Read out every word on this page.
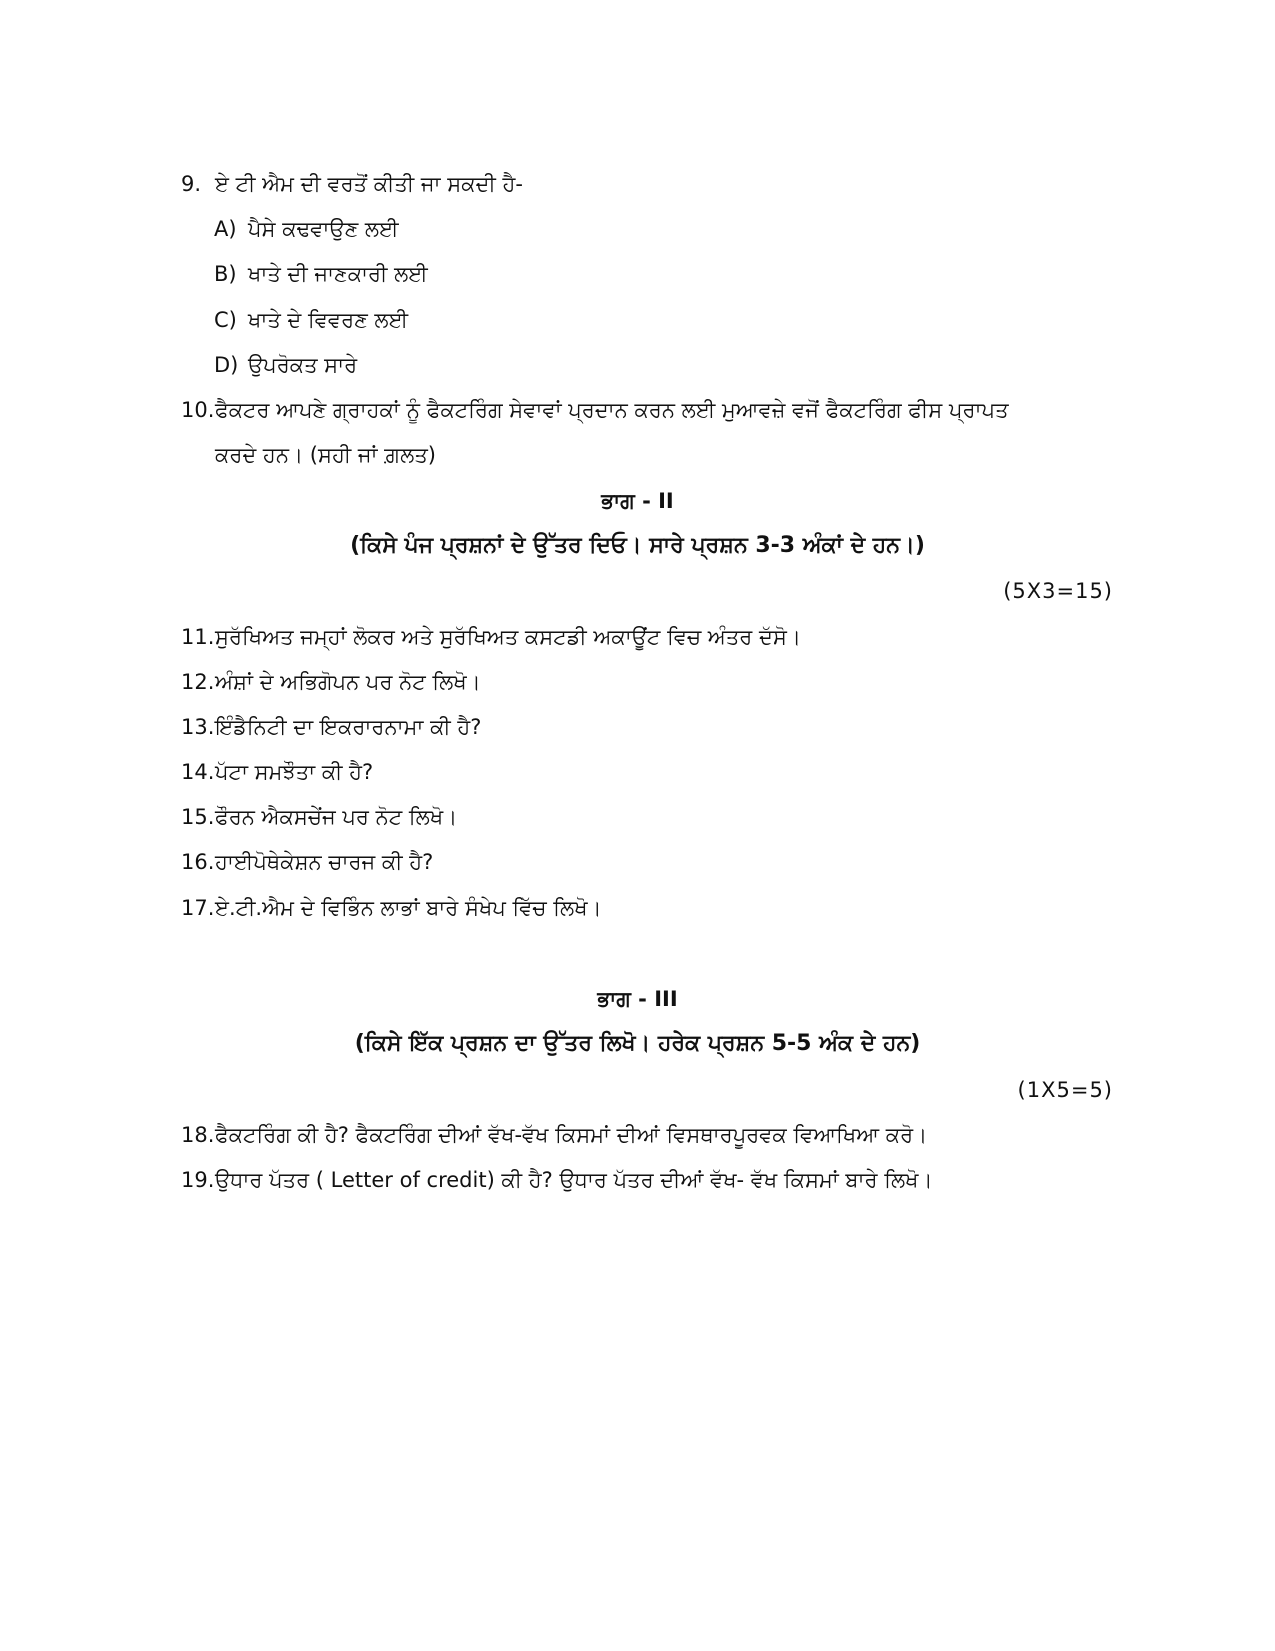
9. ਏ ਟੀ ਐਮ ਦੀ ਵਰਤੋਂ ਕੀਤੀ ਜਾ ਸਕਦੀ ਹੈ-
A) ਪੈਸੇ ਕਢਵਾਉਣ ਲਈ
B) ਖਾਤੇ ਦੀ ਜਾਣਕਾਰੀ ਲਈ
C) ਖਾਤੇ ਦੇ ਵਿਵਰਣ ਲਈ
D) ਉਪਰੋਕਤ ਸਾਰੇ
10.ਫੈਕਟਰ ਆਪਣੇ ਗ੍ਰਾਹਕਾਂ ਨੂੰ ਫੈਕਟਰਿੰਗ ਸੇਵਾਵਾਂ ਪ੍ਰਦਾਨ ਕਰਨ ਲਈ ਮੁਆਵਜ਼ੇ ਵਜੋਂ ਫੈਕਟਰਿੰਗ ਫੀਸ ਪ੍ਰਾਪਤ
ਕਰਦੇ ਹਨ। (ਸਹੀ ਜਾਂ ਗ਼ਲਤ)
ਭਾਗ - II
(ਕਿਸੇ ਪੰਜ ਪ੍ਰਸ਼ਨਾਂ ਦੇ ਉੱਤਰ ਦਿਓ। ਸਾਰੇ ਪ੍ਰਸ਼ਨ 3-3 ਅੰਕਾਂ ਦੇ ਹਨ।)
(5X3=15)
11.ਸੁਰੱਖਿਅਤ ਜਮ੍ਹਾਂ ਲੋਕਰ ਅਤੇ ਸੁਰੱਖਿਅਤ ਕਸਟਡੀ ਅਕਾਊਂਟ ਵਿਚ ਅੰਤਰ ਦੱਸੋ।
12.ਅੰਸ਼ਾਂ ਦੇ ਅਭਿਗੋਪਨ ਪਰ ਨੋਟ ਲਿਖੋ।
13.ਇੰਡੈਨਿਟੀ ਦਾ ਇਕਰਾਰਨਾਮਾ ਕੀ ਹੈ?
14.ਪੱਟਾ ਸਮਝੌਤਾ ਕੀ ਹੈ?
15.ਫੌਰਨ ਐਕਸਚੇਂਜ ਪਰ ਨੋਟ ਲਿਖੋ।
16.ਹਾਈਪੋਥੇਕੇਸ਼ਨ ਚਾਰਜ ਕੀ ਹੈ?
17.ਏ.ਟੀ.ਐਮ ਦੇ ਵਿਭਿੰਨ ਲਾਭਾਂ ਬਾਰੇ ਸੰਖੇਪ ਵਿੱਚ ਲਿਖੋ।
ਭਾਗ - III
(ਕਿਸੇ ਇੱਕ ਪ੍ਰਸ਼ਨ ਦਾ ਉੱਤਰ ਲਿਖੋ। ਹਰੇਕ ਪ੍ਰਸ਼ਨ 5-5 ਅੰਕ ਦੇ ਹਨ)
(1X5=5)
18.ਫੈਕਟਰਿੰਗ ਕੀ ਹੈ? ਫੈਕਟਰਿੰਗ ਦੀਆਂ ਵੱਖ-ਵੱਖ ਕਿਸਮਾਂ ਦੀਆਂ ਵਿਸਥਾਰਪੂਰਵਕ ਵਿਆਖਿਆ ਕਰੋ।
19.ਉਧਾਰ ਪੱਤਰ ( Letter of credit) ਕੀ ਹੈ? ਉਧਾਰ ਪੱਤਰ ਦੀਆਂ ਵੱਖ- ਵੱਖ ਕਿਸਮਾਂ ਬਾਰੇ ਲਿਖੋ।
